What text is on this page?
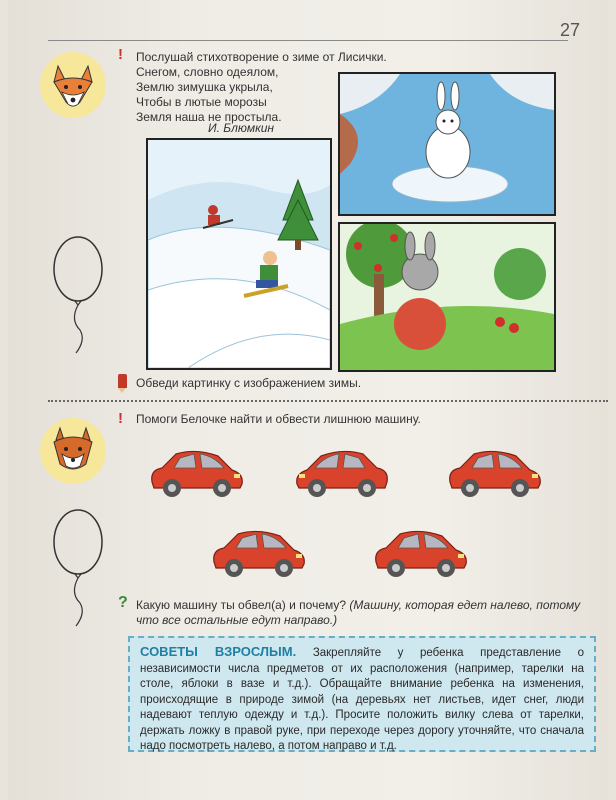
27
! Послушай стихотворение о зиме от Лисички.
Снегом, словно одеялом,
Землю зимушка укрыла,
Чтобы в лютые морозы
Земля наша не простыла.
И. Блюмкин
Обведи картинку с изображением зимы.
! Помоги Белочке найти и обвести лишнюю машину.
? Какую машину ты обвел(а) и почему? (Машину, которая едет налево, потому что все остальные едут направо.)
СОВЕТЫ ВЗРОСЛЫМ. Закрепляйте у ребенка представление о независимости числа предметов от их расположения (например, тарелки на столе, яблоки в вазе и т.д.). Обращайте внимание ребенка на изменения, происходящие в природе зимой (на деревьях нет листьев, идет снег, люди надевают теплую одежду и т.д.). Просите положить вилку слева от тарелки, держать ложку в правой руке, при переходе через дорогу уточняйте, что сначала надо посмотреть налево, а потом направо и т.д.
